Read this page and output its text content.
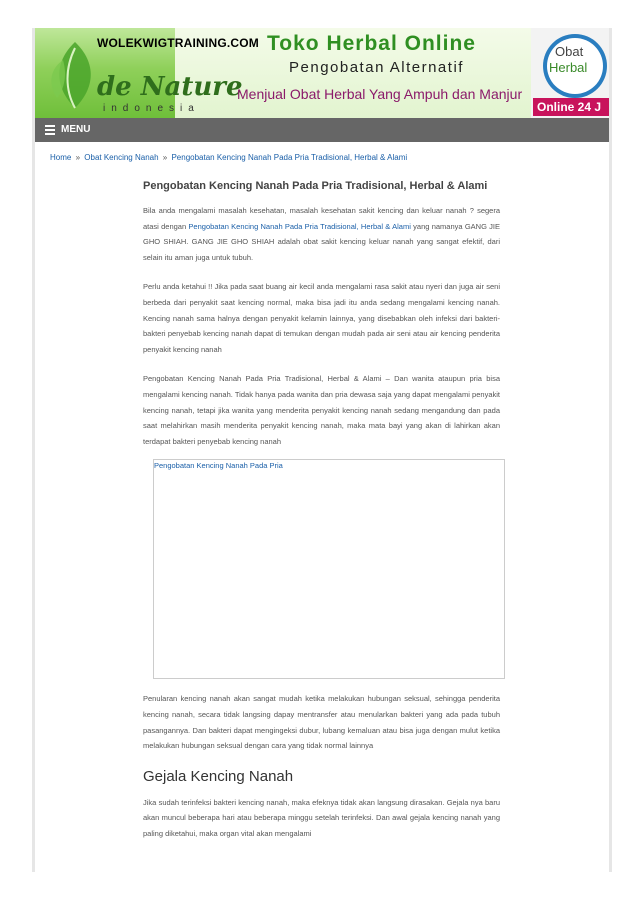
WOLEKWIGTRAINING.COM Toko Herbal Online
Pengobatan Alternatif
de Nature
indonesia
Menjual Obat Herbal Yang Ampuh dan Manjur
Obat
Herbal
Online 24 J
MENU
Home » Obat Kencing Nanah » Pengobatan Kencing Nanah Pada Pria Tradisional, Herbal & Alami
Pengobatan Kencing Nanah Pada Pria Tradisional, Herbal & Alami

Bila anda mengalami masalah kesehatan, masalah kesehatan sakit kencing dan keluar nanah ? segera atasi dengan Pengobatan Kencing Nanah Pada Pria Tradisional, Herbal & Alami yang namanya GANG JIE GHO SHIAH. GANG JIE GHO SHIAH adalah obat sakit kencing keluar nanah yang sangat efektif, dari selain itu aman juga untuk tubuh.

Perlu anda ketahui !! Jika pada saat buang air kecil anda mengalami rasa sakit atau nyeri dan juga air seni berbeda dari penyakit saat kencing normal, maka bisa jadi itu anda sedang mengalami kencing nanah. Kencing nanah sama halnya dengan penyakit kelamin lainnya, yang disebabkan oleh infeksi dari bakteri- bakteri penyebab kencing nanah dapat di temukan dengan mudah pada air seni atau air kencing penderita penyakit kencing nanah

Pengobatan Kencing Nanah Pada Pria Tradisional, Herbal & Alami – Dan wanita ataupun pria bisa mengalami kencing nanah. Tidak hanya pada wanita dan pria dewasa saja yang dapat mengalami penyakit kencing nanah, tetapi jika wanita yang menderita penyakit kencing nanah sedang mengandung dan pada saat melahirkan masih menderita penyakit kencing nanah, maka mata bayi yang akan di lahirkan akan terdapat bakteri penyebab kencing nanah

Pengobatan Kencing Nanah Pada Pria

Penularan kencing nanah akan sangat mudah ketika melakukan hubungan seksual, sehingga penderita kencing nanah, secara tidak langsing dapay mentransfer atau menularkan bakteri yang ada pada tubuh pasangannya. Dan bakteri dapat mengingeksi dubur, lubang kemaluan atau bisa juga dengan mulut ketika melakukan hubungan seksual dengan cara yang tidak normal lainnya

Gejala Kencing Nanah

Jika sudah terinfeksi bakteri kencing nanah, maka efeknya tidak akan langsung dirasakan. Gejala nya baru akan muncul beberapa hari atau beberapa minggu setelah terinfeksi. Dan awal gejala kencing nanah yang paling diketahui, maka organ vital akan mengalami
